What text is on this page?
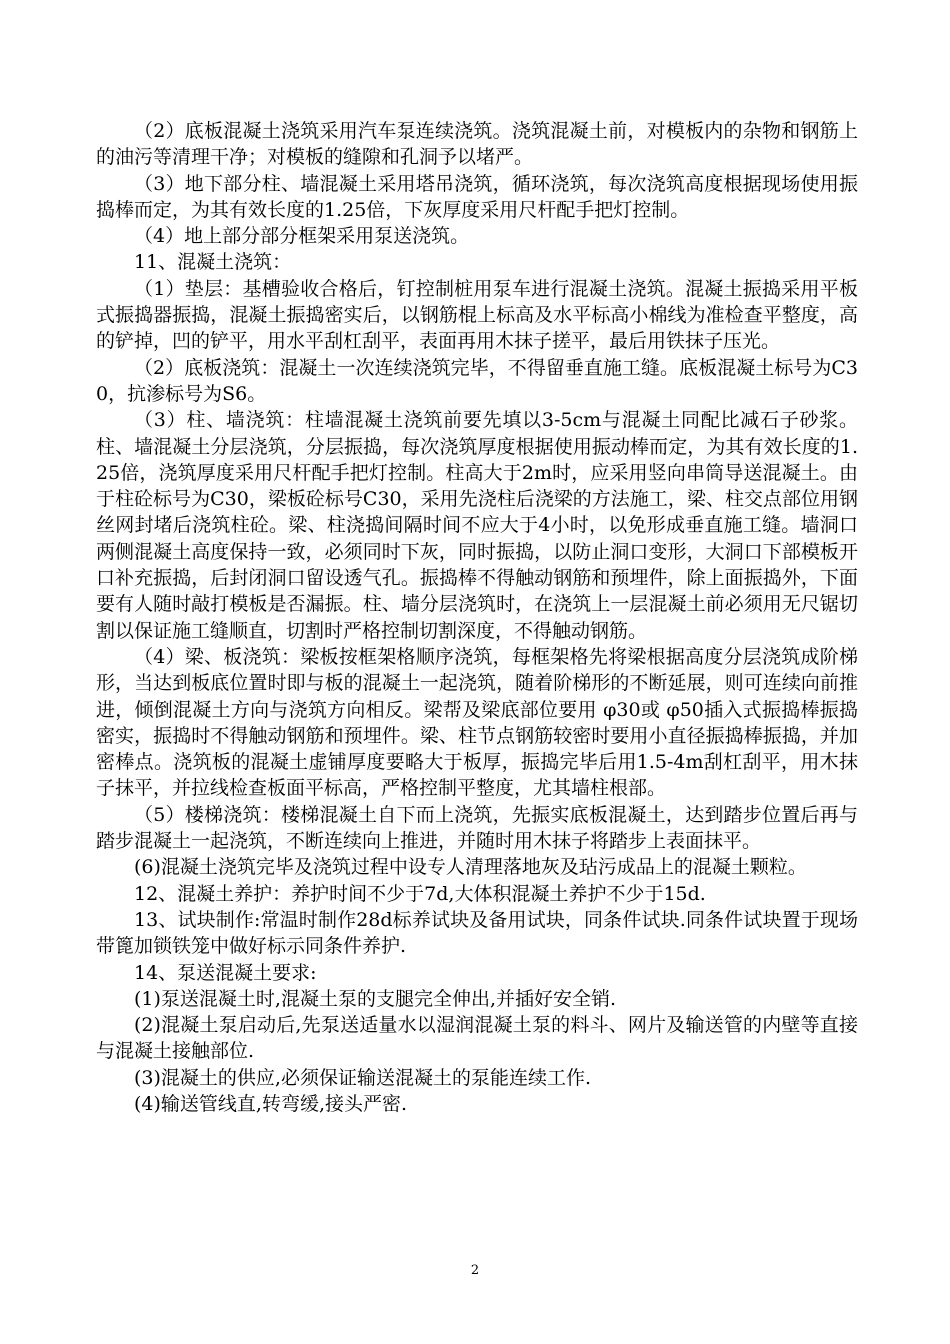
（2）底板混凝土浇筑采用汽车泵连续浇筑。浇筑混凝土前，对模板内的杂物和钢筋上的油污等清理干净；对模板的缝隙和孔洞予以堵严。

（3）地下部分柱、墙混凝土采用塔吊浇筑，循环浇筑，每次浇筑高度根据现场使用振捣棒而定，为其有效长度的1.25倍，下灰厚度采用尺杆配手把灯控制。

（4）地上部分部分框架采用泵送浇筑。

11、混凝土浇筑：

（1）垫层：基槽验收合格后，钉控制桩用泵车进行混凝土浇筑。混凝土振捣采用平板式振捣器振捣，混凝土振捣密实后，以钢筋棍上标高及水平标高小棉线为准检查平整度，高的铲掉，凹的铲平，用水平刮杠刮平，表面再用木抹子搓平，最后用铁抹子压光。

（2）底板浇筑：混凝土一次连续浇筑完毕，不得留垂直施工缝。底板混凝土标号为C30，抗渗标号为S6。

（3）柱、墙浇筑：柱墙混凝土浇筑前要先填以3-5cm与混凝土同配比减石子砂浆。柱、墙混凝土分层浇筑，分层振捣，每次浇筑厚度根据使用振动棒而定，为其有效长度的1.25倍，浇筑厚度采用尺杆配手把灯控制。柱高大于2m时，应采用竖向串筒导送混凝土。由于柱砼标号为C30，梁板砼标号C30，采用先浇柱后浇梁的方法施工，梁、柱交点部位用钢丝网封堵后浇筑柱砼。梁、柱浇捣间隔时间不应大于4小时，以免形成垂直施工缝。墙洞口两侧混凝土高度保持一致，必须同时下灰，同时振捣，以防止洞口变形，大洞口下部模板开口补充振捣，后封闭洞口留设透气孔。振捣棒不得触动钢筋和预埋件，除上面振捣外，下面要有人随时敲打模板是否漏振。柱、墙分层浇筑时，在浇筑上一层混凝土前必须用无尺锯切割以保证施工缝顺直，切割时严格控制切割深度，不得触动钢筋。

（4）梁、板浇筑：梁板按框架格顺序浇筑，每框架格先将梁根据高度分层浇筑成阶梯形，当达到板底位置时即与板的混凝土一起浇筑，随着阶梯形的不断延展，则可连续向前推进，倾倒混凝土方向与浇筑方向相反。梁帮及梁底部位要用 φ30或 φ50插入式振捣棒振捣密实，振捣时不得触动钢筋和预埋件。梁、柱节点钢筋较密时要用小直径振捣棒振捣，并加密棒点。浇筑板的混凝土虚铺厚度要略大于板厚，振捣完毕后用1.5-4m刮杠刮平，用木抹子抹平，并拉线检查板面平标高，严格控制平整度，尤其墙柱根部。

（5）楼梯浇筑：楼梯混凝土自下而上浇筑，先振实底板混凝土，达到踏步位置后再与踏步混凝土一起浇筑，不断连续向上推进，并随时用木抹子将踏步上表面抹平。

(6)混凝土浇筑完毕及浇筑过程中设专人清理落地灰及玷污成品上的混凝土颗粒。

12、混凝土养护：养护时间不少于7d,大体积混凝土养护不少于15d.

13、试块制作:常温时制作28d标养试块及备用试块，同条件试块.同条件试块置于现场带篦加锁铁笼中做好标示同条件养护.

14、泵送混凝土要求:

(1)泵送混凝土时,混凝土泵的支腿完全伸出,并插好安全销.

(2)混凝土泵启动后,先泵送适量水以湿润混凝土泵的料斗、网片及输送管的内壁等直接与混凝土接触部位.

(3)混凝土的供应,必须保证输送混凝土的泵能连续工作.

(4)输送管线直,转弯缓,接头严密.

2
